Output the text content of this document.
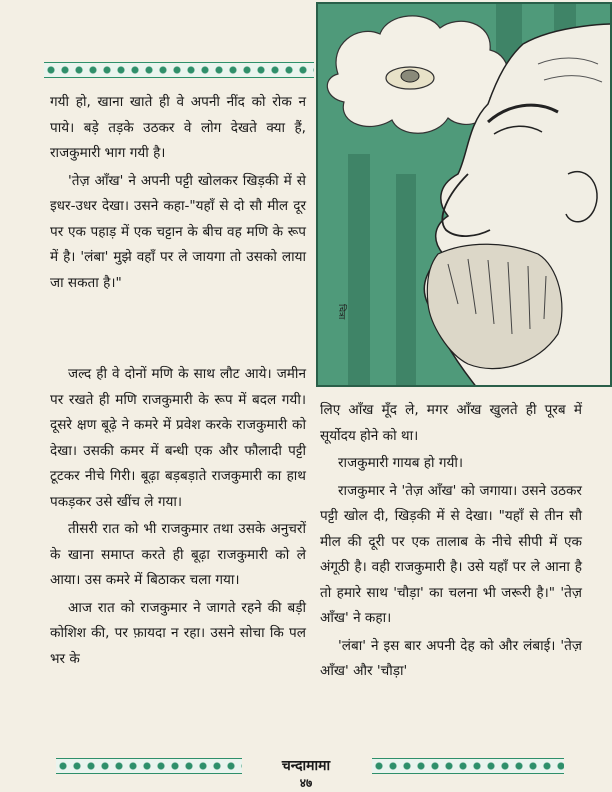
गयी हो, खाना खाते ही वे अपनी नींद को रोक न पाये। बड़े तड़के उठकर वे लोग देखते क्या हैं, राजकुमारी भाग गयी है।

'तेज़ आँख' ने अपनी पट्टी खोलकर खिड़की में से इधर-उधर देखा। उसने कहा-"यहाँ से दो सौ मील दूर पर एक पहाड़ में एक चट्टान के बीच वह मणि के रूप में है। 'लंबा' मुझे वहाँ पर ले जायगा तो उसको लाया जा सकता है।"

चित्रा

जल्द ही वे दोनों मणि के साथ लौट आये। जमीन पर रखते ही मणि राजकुमारी के रूप में बदल गयी। दूसरे क्षण बूढ़े ने कमरे में प्रवेश करके राजकुमारी को देखा। उसकी कमर में बन्धी एक और फौलादी पट्टी टूटकर नीचे गिरी। बूढ़ा बड़बड़ाते राजकुमारी का हाथ पकड़कर उसे खींच ले गया।

तीसरी रात को भी राजकुमार तथा उसके अनुचरों के खाना समाप्त करते ही बूढ़ा राजकुमारी को ले आया। उस कमरे में बिठाकर चला गया।

आज रात को राजकुमार ने जागते रहने की बड़ी कोशिश की, पर फ़ायदा न रहा। उसने सोचा कि पल भर के

लिए आँख मूँद ले, मगर आँख खुलते ही पूरब में सूर्योदय होने को था।

राजकुमारी गायब हो गयी।

राजकुमार ने 'तेज़ आँख' को जगाया। उसने उठकर पट्टी खोल दी, खिड़की में से देखा। "यहाँ से तीन सौ मील की दूरी पर एक तालाब के नीचे सीपी में एक अंगूठी है। वही राजकुमारी है। उसे यहाँ पर ले आना है तो हमारे साथ 'चौड़ा' का चलना भी जरूरी है।" 'तेज़ आँख' ने कहा।

'लंबा' ने इस बार अपनी देह को और लंबाई। 'तेज़ आँख' और 'चौड़ा'

चन्दामामा
४७
